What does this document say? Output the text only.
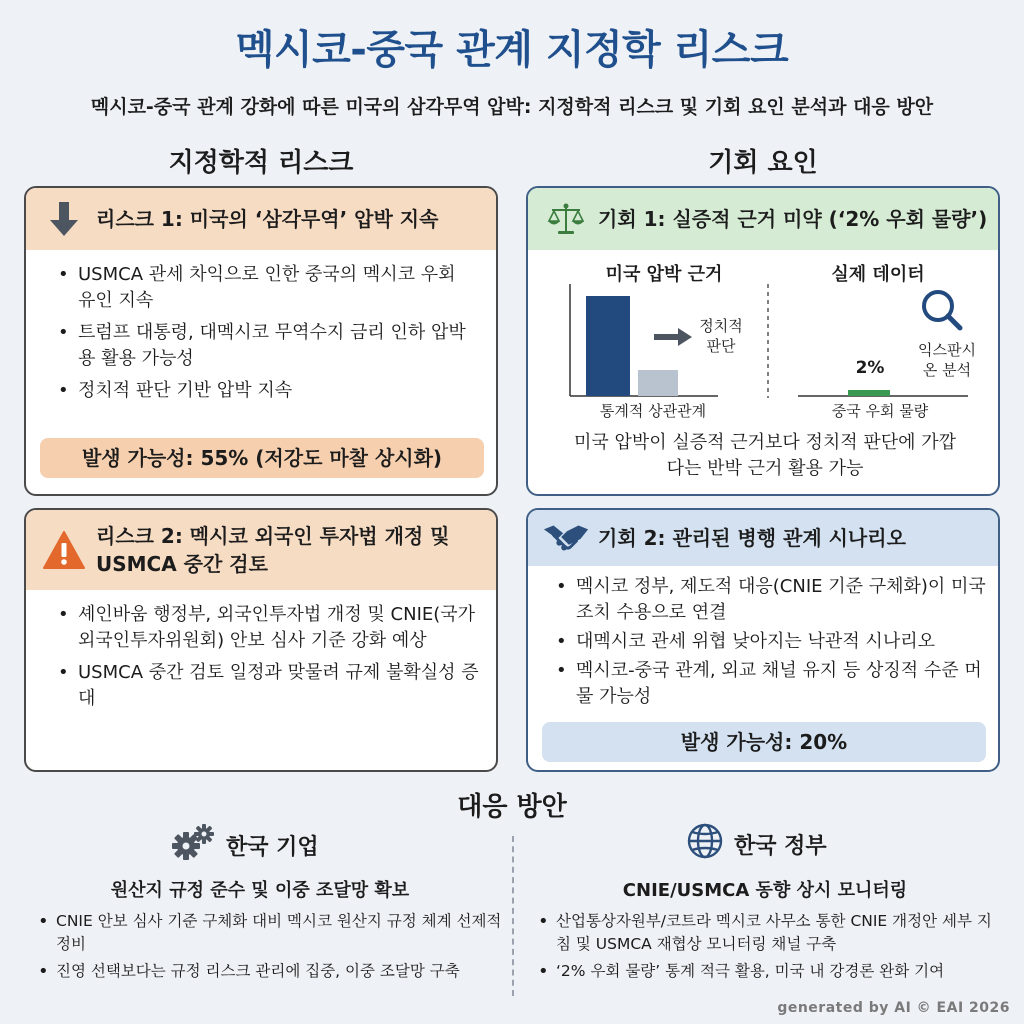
멕시코-중국 관계 지정학 리스크
멕시코-중국 관계 강화에 따른 미국의 삼각무역 압박: 지정학적 리스크 및 기회 요인 분석과 대응 방안
지정학적 리스크	기회 요인
리스크 1: 미국의 ‘삼각무역’ 압박 지속
• USMCA 관세 차익으로 인한 중국의 멕시코 우회 유인 지속
• 트럼프 대통령, 대멕시코 무역수지 금리 인하 압박용 활용 가능성
• 정치적 판단 기반 압박 지속
발생 가능성: 55% (저강도 마찰 상시화)
리스크 2: 멕시코 외국인 투자법 개정 및 USMCA 중간 검토
• 셰인바움 행정부, 외국인투자법 개정 및 CNIE(국가외국인투자위원회) 안보 심사 기준 강화 예상
• USMCA 중간 검토 일정과 맞물려 규제 불확실성 증대
기회 1: 실증적 근거 미약 (‘2% 우회 물량’)
미국 압박 근거	실제 데이터
정치적 판단	익스판시온 분석
2%
통계적 상관관계	중국 우회 물량
미국 압박이 실증적 근거보다 정치적 판단에 가깝다는 반박 근거 활용 가능
기회 2: 관리된 병행 관계 시나리오
• 멕시코 정부, 제도적 대응(CNIE 기준 구체화)이 미국 조치 수용으로 연결
• 대멕시코 관세 위협 낮아지는 낙관적 시나리오
• 멕시코-중국 관계, 외교 채널 유지 등 상징적 수준 머물 가능성
발생 가능성: 20%
대응 방안
한국 기업
원산지 규정 준수 및 이중 조달망 확보
• CNIE 안보 심사 기준 구체화 대비 멕시코 원산지 규정 체계 선제적 정비
• 진영 선택보다는 규정 리스크 관리에 집중, 이중 조달망 구축
한국 정부
CNIE/USMCA 동향 상시 모니터링
• 산업통상자원부/코트라 멕시코 사무소 통한 CNIE 개정안 세부 지침 및 USMCA 재협상 모니터링 채널 구축
• ‘2% 우회 물량’ 통계 적극 활용, 미국 내 강경론 완화 기여
generated by AI © EAI 2026
